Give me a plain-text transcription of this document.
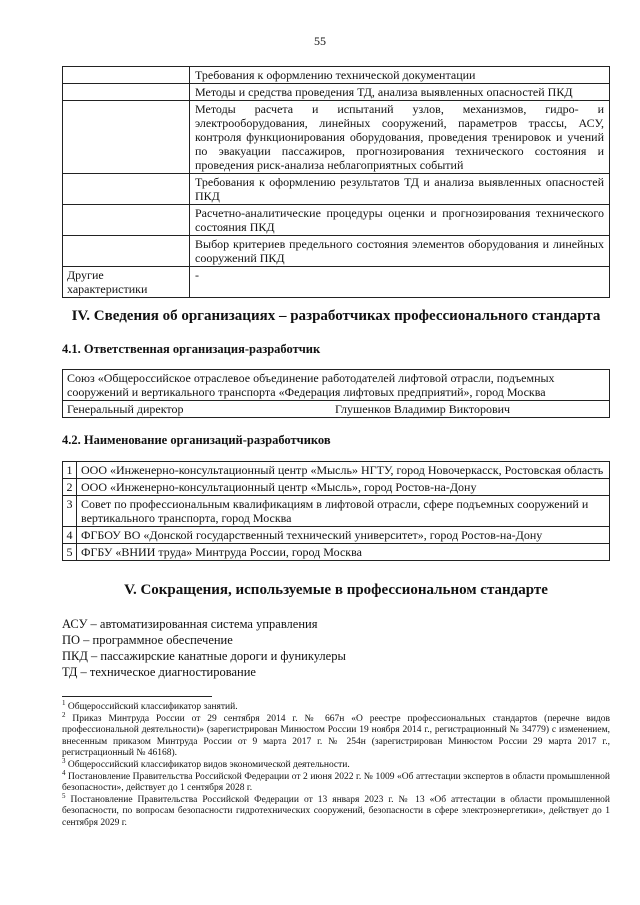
55
	Требования к оформлению технической документации
	Методы и средства проведения ТД, анализа выявленных опасностей ПКД
	Методы расчета и испытаний узлов, механизмов, гидро- и электрооборудования, линейных сооружений, параметров трассы, АСУ, контроля функционирования оборудования, проведения тренировок и учений по эвакуации пассажиров, прогнозирования технического состояния и проведения риск-анализа неблагоприятных событий
	Требования к оформлению результатов ТД и анализа выявленных опасностей ПКД
	Расчетно-аналитические процедуры оценки и прогнозирования технического состояния ПКД
	Выбор критериев предельного состояния элементов оборудования и линейных сооружений ПКД
Другие характеристики	-
IV. Сведения об организациях – разработчиках профессионального стандарта
4.1. Ответственная организация-разработчик
Союз «Общероссийское отраслевое объединение работодателей лифтовой отрасли, подъемных сооружений и вертикального транспорта «Федерация лифтовых предприятий», город Москва

Генеральный директор	Глушенков Владимир Викторович
4.2. Наименование организаций-разработчиков
1	ООО «Инженерно-консультационный центр «Мысль» НГТУ, город Новочеркасск, Ростовская область
2	ООО «Инженерно-консультационный центр «Мысль», город Ростов-на-Дону
3	Совет по профессиональным квалификациям в лифтовой отрасли, сфере подъемных сооружений и вертикального транспорта, город Москва
4	ФГБОУ ВО «Донской государственный технический университет», город Ростов-на-Дону
5	ФГБУ «ВНИИ труда» Минтруда России, город Москва
V. Сокращения, используемые в профессиональном стандарте
АСУ – автоматизированная система управления
ПО – программное обеспечение
ПКД – пассажирские канатные дороги и фуникулеры
ТД – техническое диагностирование
$^1$ Общероссийский классификатор занятий.
$^2$ Приказ Минтруда России от 29 сентября 2014 г. № 667н «О реестре профессиональных стандартов (перечне видов профессиональной деятельности)» (зарегистрирован Минюстом России 19 ноября 2014 г., регистрационный № 34779) с изменением, внесенным приказом Минтруда России от 9 марта 2017 г. № 254н (зарегистрирован Минюстом России 29 марта 2017 г., регистрационный № 46168).
$^3$ Общероссийский классификатор видов экономической деятельности.
$^4$ Постановление Правительства Российской Федерации от 2 июня 2022 г. № 1009 «Об аттестации экспертов в области промышленной безопасности», действует до 1 сентября 2028 г.
$^5$ Постановление Правительства Российской Федерации от 13 января 2023 г. № 13 «Об аттестации в области промышленной безопасности, по вопросам безопасности гидротехнических сооружений, безопасности в сфере электроэнергетики», действует до 1 сентября 2029 г.
